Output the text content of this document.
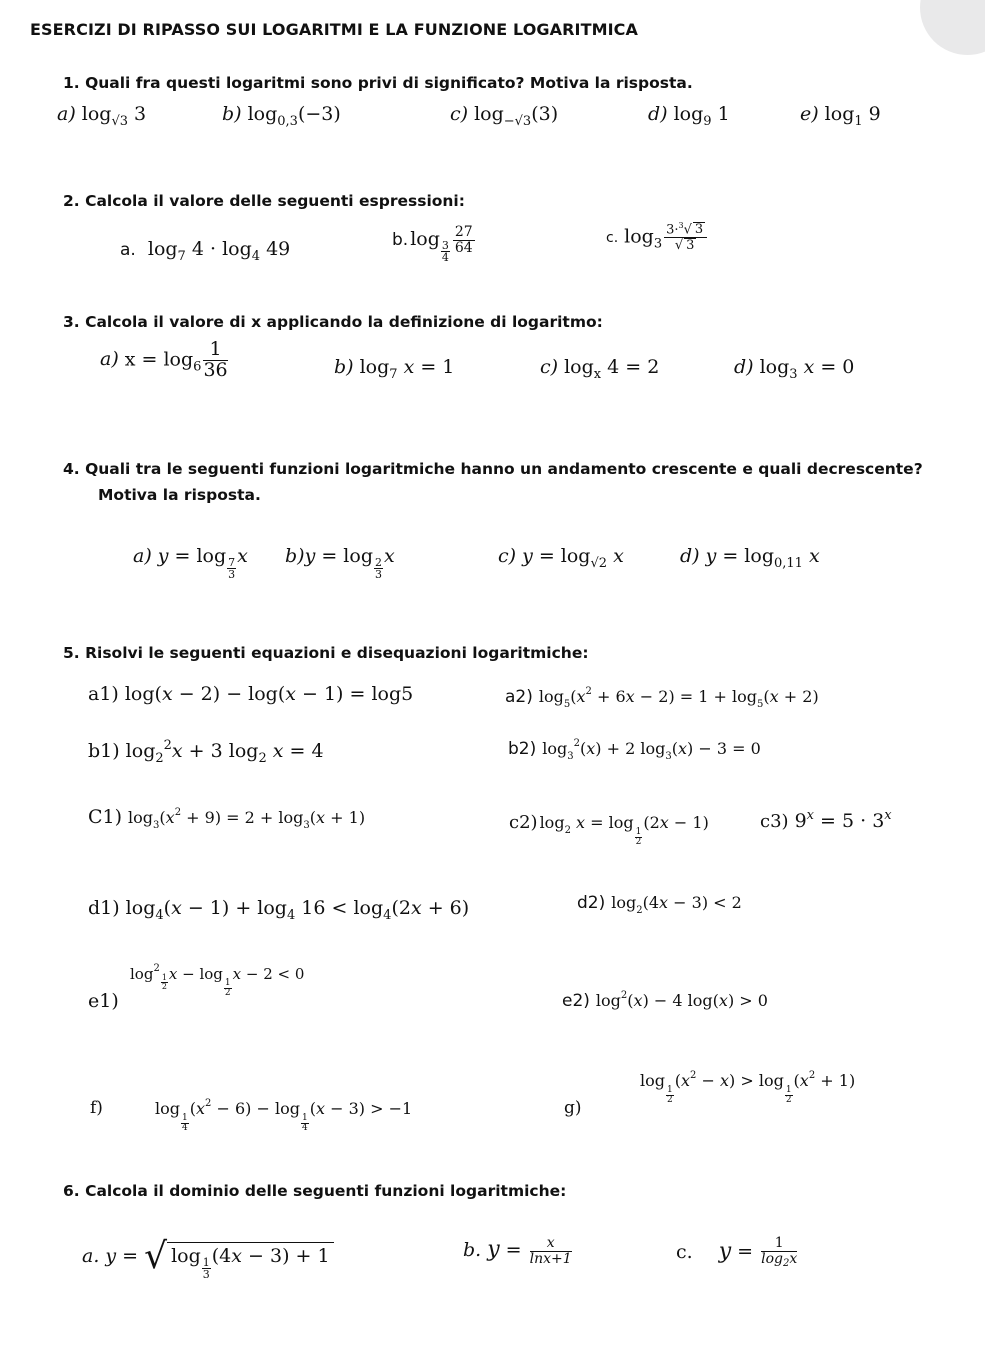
ESERCIZI DI RIPASSO SUI LOGARITMI E LA FUNZIONE LOGARITMICA
1. Quali fra questi logaritmi sono privi di significato? Motiva la risposta.
a) $\log_{√3} 3$	b) $\log_{0,3}(-3)$	c) $\log_{-√3}(3)$	d) $\log_9 1$	e) $\log_1 9$
2. Calcola il valore delle seguenti espressioni:
a. $\log_7 4 \cdot \log_4 49$	b. log
$\frac{3}{4} \frac{27}{64}$	c. $\log_3 \frac{3\cdot^3√ 3}{√ 3}$
3. Calcola il valore di x applicando la definizione di logaritmo:
a) $x = \log_6 \frac{1}{36}$	b) $\log_7 x = 1$	c) $\log_x 4 = 2$	d) $\log_3 x = 0$
4. Quali tra le seguenti funzioni logaritmiche hanno un andamento crescente e quali decrescente?
Motiva la risposta.
a) y = log
$\frac{7}{3}$
x b)y = log
$\frac{2}{3}$
x	c) $y = \log_{√2} x$	d) $y = \log_{0,11} x$
5. Risolvi le seguenti equazioni e disequazioni logaritmiche:
a1) log(x − 2) − log(x − 1) = log5	a2) $\log_5(x^2 + 6x - 2) = 1 + \log_5(x + 2)$
b1) $\log_2^2x + 3$ $\log_2 x = 4$	b2) $\log_3^2(x) + 2$ $\log_3(x) - 3 = 0$
C1) $\log_3(x^2 + 9) = 2 + \log_3(x + 1)$	c2) $\log_2 x = \log$
$\frac{1}{2}$
(2x − 1)	c3) $9^x = 5 \cdot 3^x$
d1) $\log_4(x - 1) + \log_4 16 < \log_4(2x + 6)$	d2) $\log_2(4x - 3) < 2$
e1)
$\log^2$
$\frac{1}{2}$ x − log
$\frac{1}{2}$
x − 2 < 0
e2) $\log^2(x) - 4$ log(x) > 0
f)	log
$\frac{1}{4}$
$(x^2 - 6) - \log$
$\frac{1}{4}$
(x − 3) > −1	g)
log
$\frac{1}{2}$
$(x^2 - x) > \log$
$\frac{1}{2}$
$(x^2 + 1)$
6. Calcola il dominio delle seguenti funzioni logaritmiche:
a. y = √ log
$\frac{1}{3}$
(4x − 3) + 1	b. $y = \frac{x}{\ln x+1}$	c. $y = \frac{1}{\log_2x}$
